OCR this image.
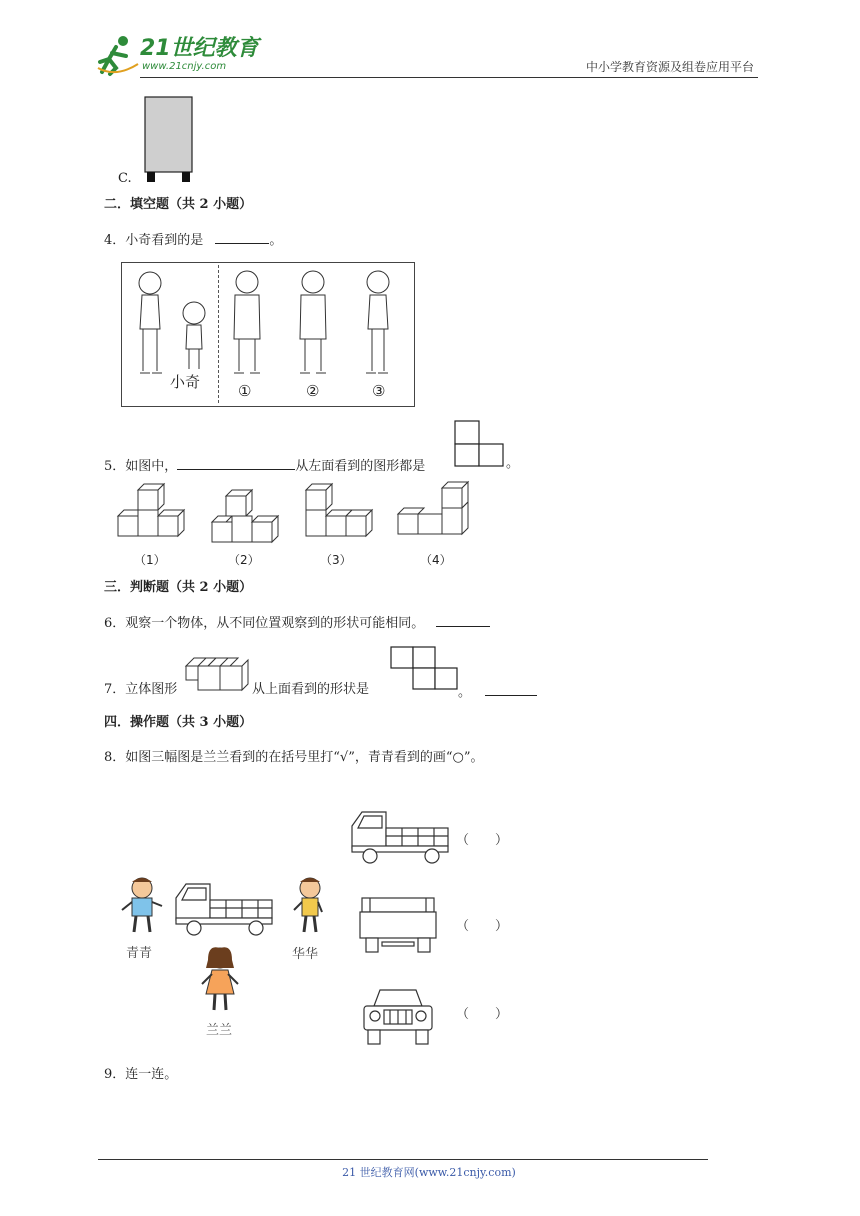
21世纪教育
www.21cnjy.com	中小学教育资源及组卷应用平台
C.
二．填空题（共 2 小题）
4．小奇看到的是	。
小奇	①	②	③
5．如图中，	从左面看到的图形都是	。
（1）	（2）	（3）	（4）
三．判断题（共 2 小题）
6．观察一个物体，从不同位置观察到的形状可能相同。
7．立体图形	从上面看到的形状是	。
四．操作题（共 3 小题）
8．如图三幅图是兰兰看到的在括号里打“√”，青青看到的画“○”。
青青	华华
兰兰
（　　）
（　　）
（　　）
9．连一连。
21 世纪教育网(www.21cnjy.com)
